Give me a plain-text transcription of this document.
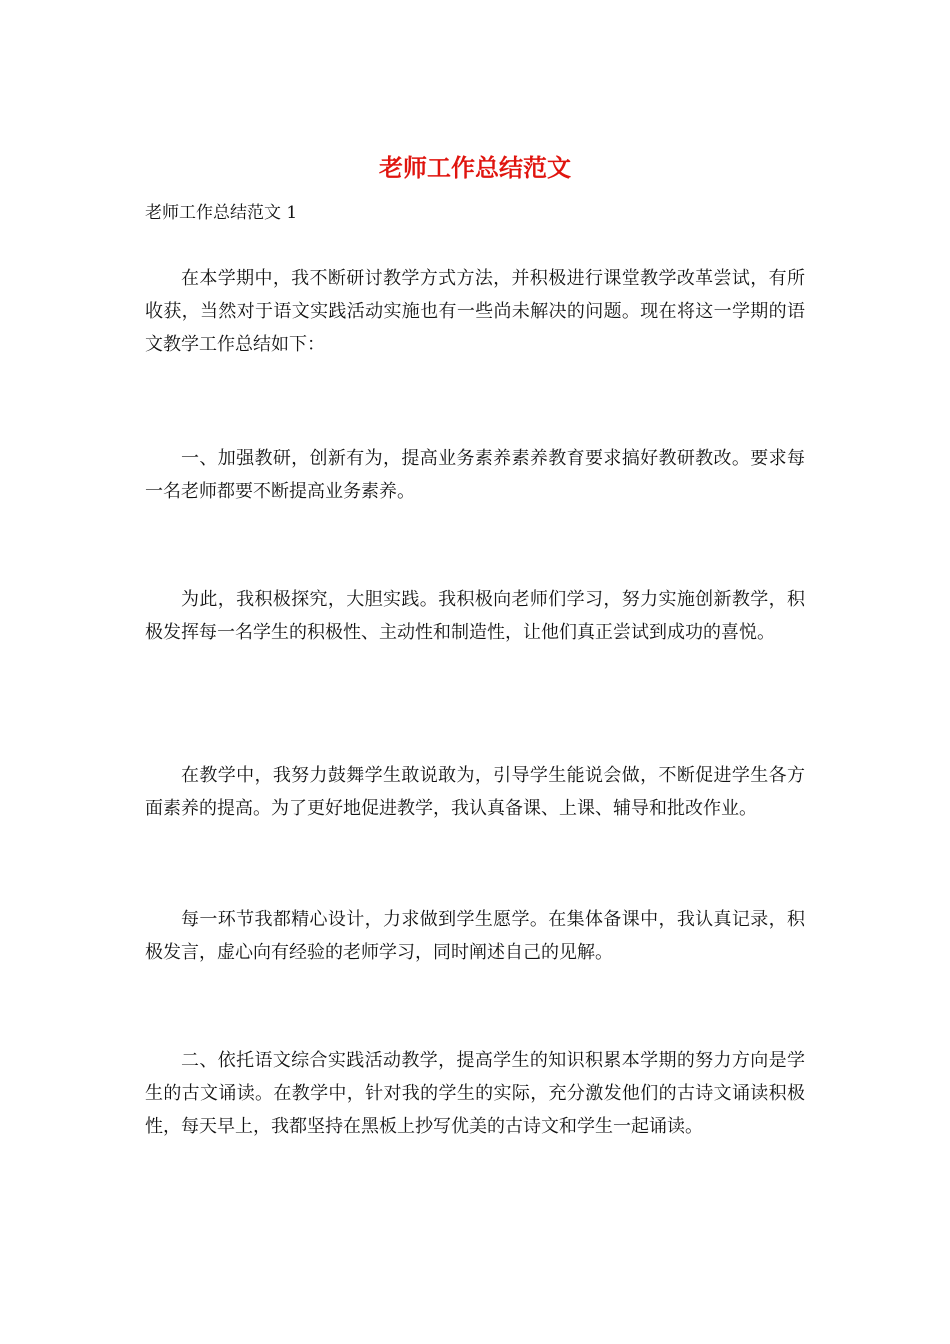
老师工作总结范文
老师工作总结范文 1

在本学期中，我不断研讨教学方式方法，并积极进行课堂教学改革尝试，有所收获，当然对于语文实践活动实施也有一些尚未解决的问题。现在将这一学期的语文教学工作总结如下：

一、加强教研，创新有为，提高业务素养素养教育要求搞好教研教改。要求每一名老师都要不断提高业务素养。

为此，我积极探究，大胆实践。我积极向老师们学习，努力实施创新教学，积极发挥每一名学生的积极性、主动性和制造性，让他们真正尝试到成功的喜悦。

在教学中，我努力鼓舞学生敢说敢为，引导学生能说会做，不断促进学生各方面素养的提高。为了更好地促进教学，我认真备课、上课、辅导和批改作业。

每一环节我都精心设计，力求做到学生愿学。在集体备课中，我认真记录，积极发言，虚心向有经验的老师学习，同时阐述自己的见解。

二、依托语文综合实践活动教学，提高学生的知识积累本学期的努力方向是学生的古文诵读。在教学中，针对我的学生的实际，充分激发他们的古诗文诵读积极性，每天早上，我都坚持在黑板上抄写优美的古诗文和学生一起诵读。
